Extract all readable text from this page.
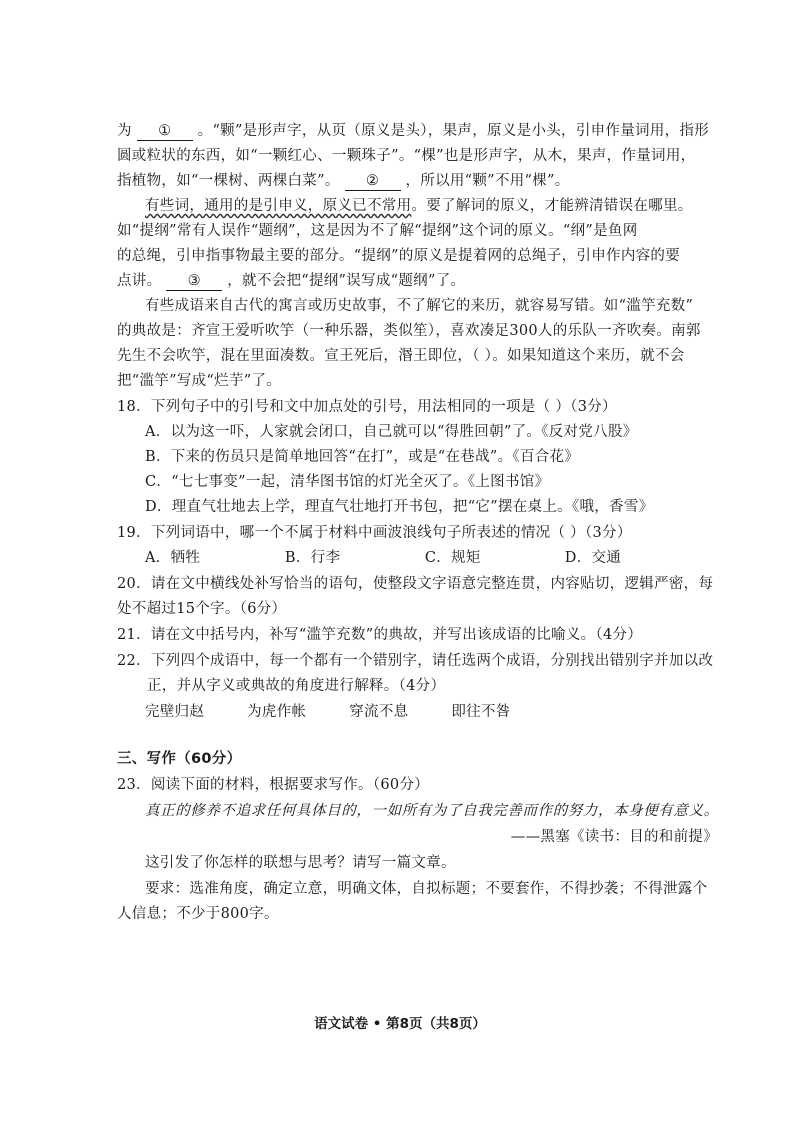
为 ① 。“颗”是形声字，从页（原义是头），果声，原义是小头，引申作量词用，指形
圆或粒状的东西，如“一颗红心、一颗珠子”。“棵”也是形声字，从木，果声，作量词用，
指植物，如“一棵树、两棵白菜”。 ② ，所以用“颗”不用“棵”。
有些词，通用的是引申义，原义已不常用。要了解词的原义，才能辨清错误在哪里。
如“提纲”常有人误作“题纲”，这是因为不了解“提纲”这个词的原义。“纲”是鱼网
的总绳，引申指事物最主要的部分。“提纲”的原义是提着网的总绳子，引申作内容的要
点讲。 ③ ，就不会把“提纲”误写成“题纲”了。
有些成语来自古代的寓言或历史故事，不了解它的来历，就容易写错。如“滥竽充数”
的典故是：齐宣王爱听吹竽（一种乐器，类似笙），喜欢凑足300人的乐队一齐吹奏。南郭
先生不会吹竽，混在里面凑数。宣王死后，湣王即位，（ ）。如果知道这个来历，就不会
把“滥竽”写成“烂芋”了。
18．下列句子中的引号和文中加点处的引号，用法相同的一项是（ ）（3分）
A．以为这一吓，人家就会闭口，自己就可以“得胜回朝”了。《反对党八股》
B．下来的伤员只是简单地回答“在打”，或是“在巷战”。《百合花》
C．“七七事变”一起，清华图书馆的灯光全灭了。《上图书馆》
D．理直气壮地去上学，理直气壮地打开书包，把“它”摆在桌上。《哦，香雪》
19．下列词语中，哪一个不属于材料中画波浪线句子所表述的情况（ ）（3分）
A．牺牲	B．行李	C．规矩	D．交通
20．请在文中横线处补写恰当的语句，使整段文字语意完整连贯，内容贴切，逻辑严密，每
处不超过15个字。（6分）
21．请在文中括号内，补写“滥竽充数”的典故，并写出该成语的比喻义。（4分）
22．下列四个成语中，每一个都有一个错别字，请任选两个成语，分别找出错别字并加以改
正，并从字义或典故的角度进行解释。（4分）
完壁归赵	为虎作帐	穿流不息	即往不咎
三、写作（60分）
23．阅读下面的材料，根据要求写作。（60分）
真正的修养不追求任何具体目的，一如所有为了自我完善而作的努力，本身便有意义。
——黑塞《读书：目的和前提》
这引发了你怎样的联想与思考？请写一篇文章。
要求：选准角度，确定立意，明确文体，自拟标题；不要套作，不得抄袭；不得泄露个
人信息；不少于800字。
语文试卷 • 第8页（共8页）
